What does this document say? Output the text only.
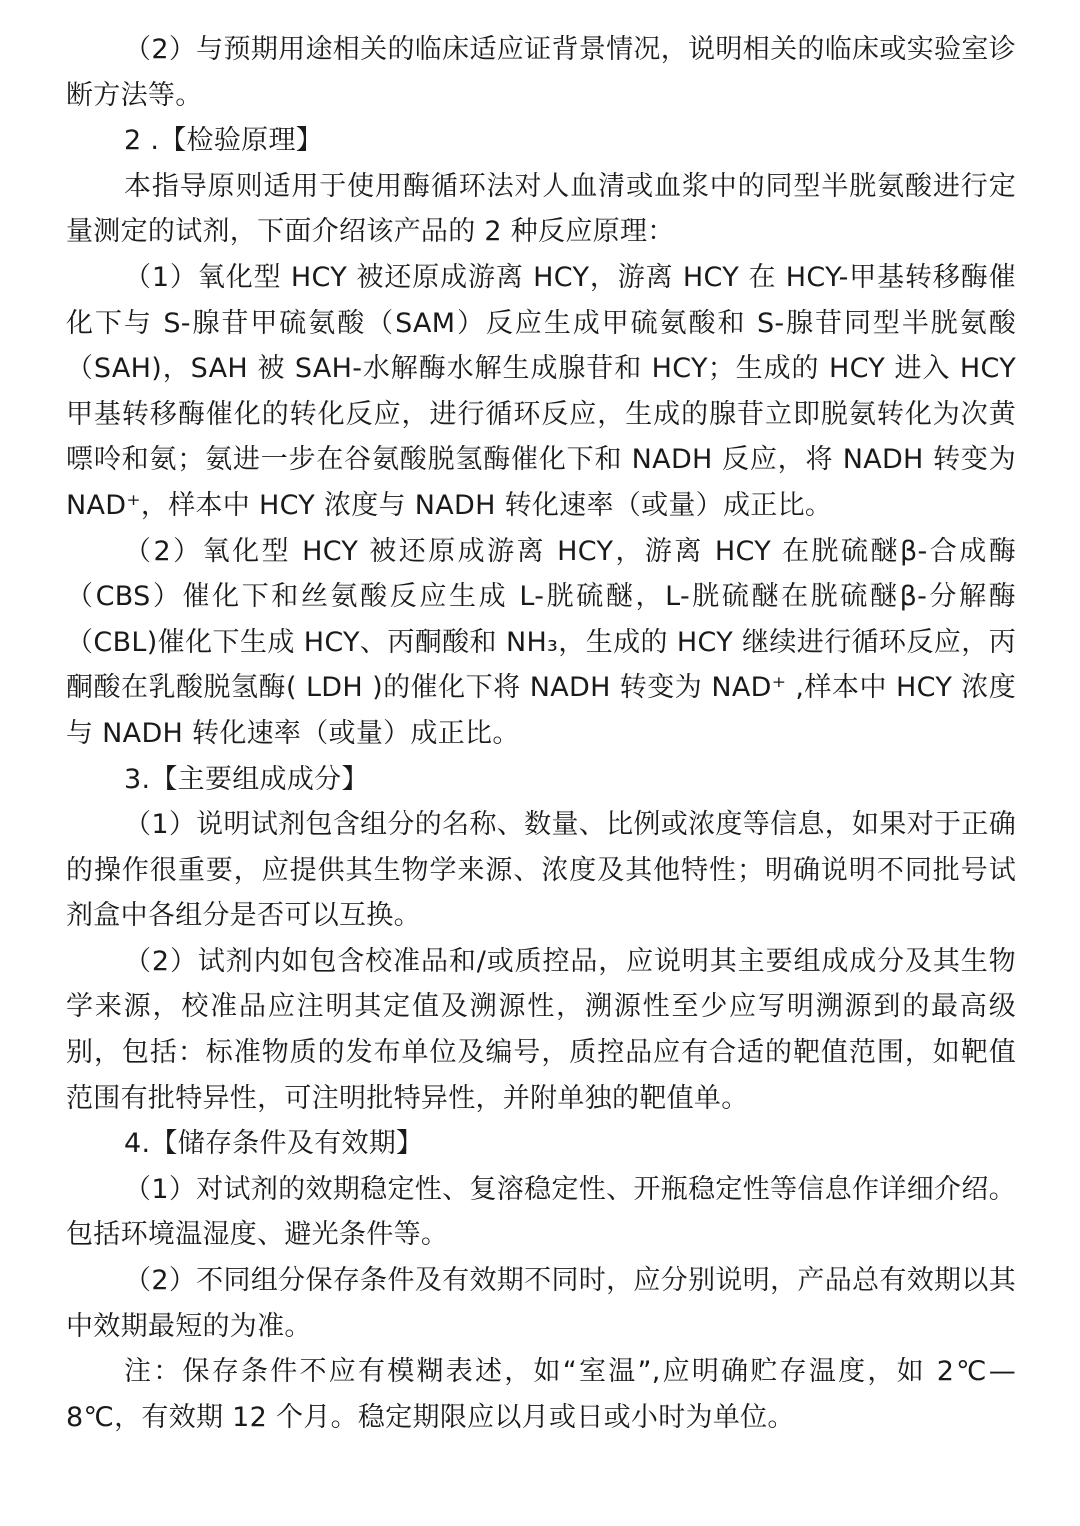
（2）与预期用途相关的临床适应证背景情况，说明相关的临床或实验室诊断方法等。

2 .【检验原理】

本指导原则适用于使用酶循环法对人血清或血浆中的同型半胱氨酸进行定量测定的试剂，下面介绍该产品的 2 种反应原理：

（1）氧化型 HCY 被还原成游离 HCY，游离 HCY 在 HCY-甲基转移酶催化下与 S-腺苷甲硫氨酸（SAM）反应生成甲硫氨酸和 S-腺苷同型半胱氨酸（SAH)，SAH 被 SAH-水解酶水解生成腺苷和 HCY；生成的 HCY 进入 HCY 甲基转移酶催化的转化反应，进行循环反应，生成的腺苷立即脱氨转化为次黄嘌呤和氨；氨进一步在谷氨酸脱氢酶催化下和 NADH 反应，将 NADH 转变为 NAD⁺，样本中 HCY 浓度与 NADH 转化速率（或量）成正比。

（2）氧化型 HCY 被还原成游离 HCY，游离 HCY 在胱硫醚β-合成酶（CBS）催化下和丝氨酸反应生成 L-胱硫醚，L-胱硫醚在胱硫醚β-分解酶（CBL)催化下生成 HCY、丙酮酸和 NH₃，生成的 HCY 继续进行循环反应，丙酮酸在乳酸脱氢酶( LDH )的催化下将 NADH 转变为 NAD⁺ ,样本中 HCY 浓度与 NADH 转化速率（或量）成正比。

3.【主要组成成分】

（1）说明试剂包含组分的名称、数量、比例或浓度等信息，如果对于正确的操作很重要，应提供其生物学来源、浓度及其他特性；明确说明不同批号试剂盒中各组分是否可以互换。

（2）试剂内如包含校准品和/或质控品，应说明其主要组成成分及其生物学来源，校准品应注明其定值及溯源性，溯源性至少应写明溯源到的最高级别，包括：标准物质的发布单位及编号，质控品应有合适的靶值范围，如靶值范围有批特异性，可注明批特异性，并附单独的靶值单。

4.【储存条件及有效期】

（1）对试剂的效期稳定性、复溶稳定性、开瓶稳定性等信息作详细介绍。包括环境温湿度、避光条件等。

（2）不同组分保存条件及有效期不同时，应分别说明，产品总有效期以其中效期最短的为准。

注：保存条件不应有模糊表述，如“室温”,应明确贮存温度，如 2℃—8℃，有效期 12 个月。稳定期限应以月或日或小时为单位。
